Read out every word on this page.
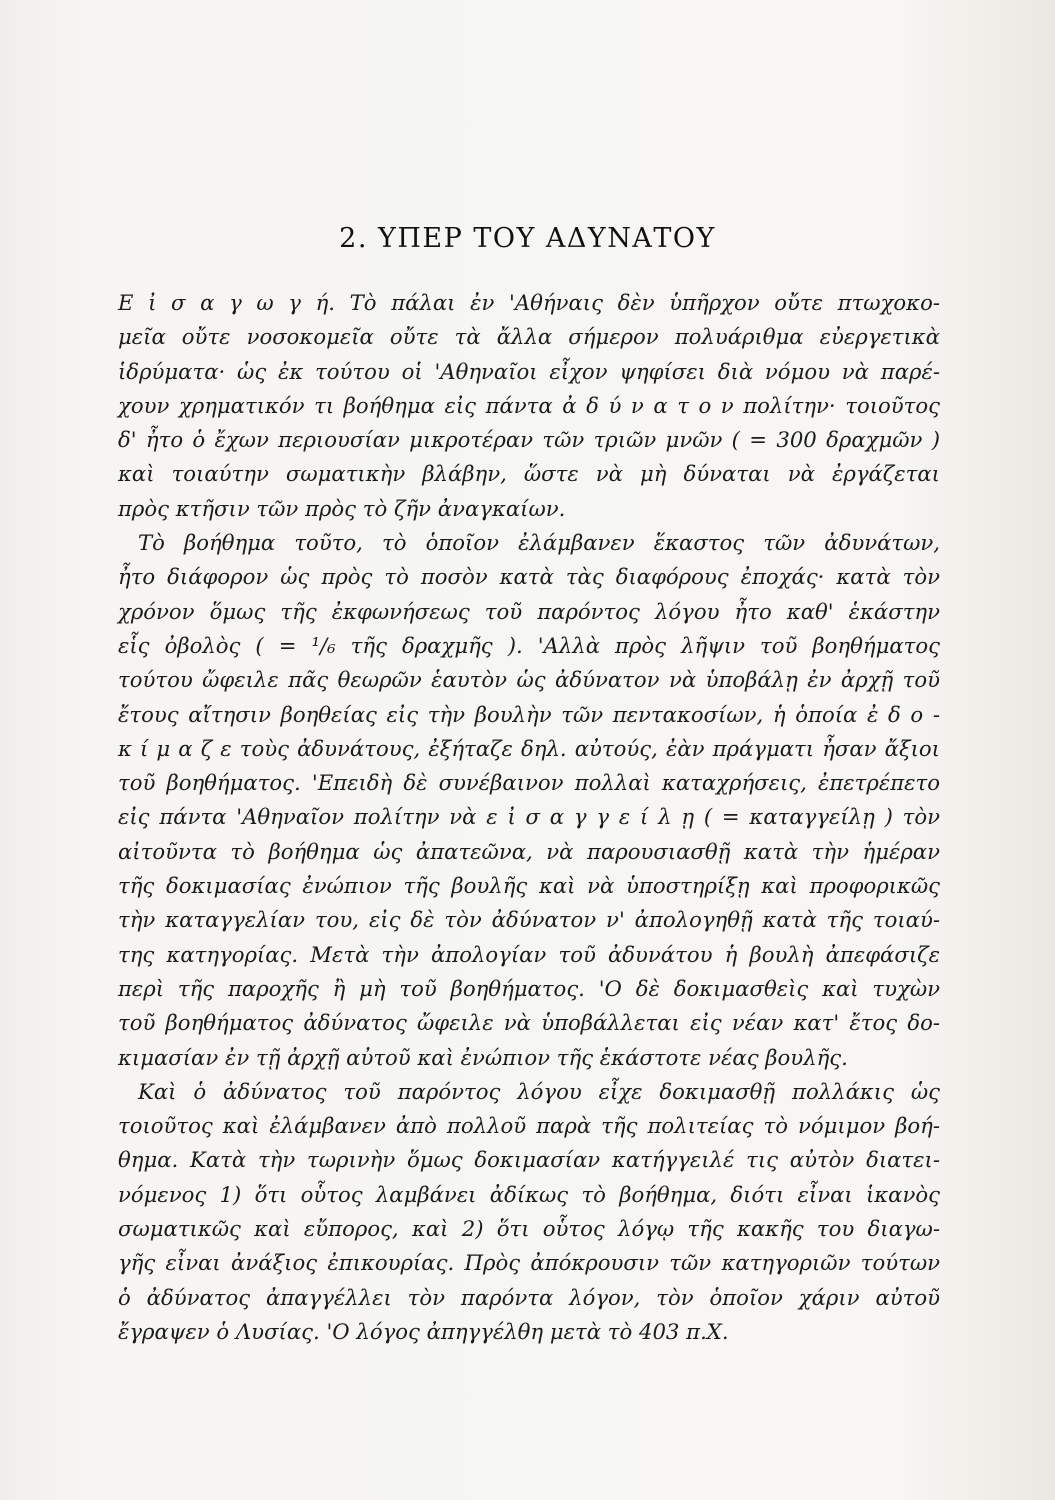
2. ΥΠΕΡ ΤΟΥ ΑΔΥΝΑΤΟΥ
Ε ἰ σ α γ ω γ ή. Τὸ πάλαι ἐν 'Αθήναις δὲν ὑπῆρχον οὔτε πτωχοκο-
μεῖα οὔτε νοσοκομεῖα οὔτε τὰ ἄλλα σήμερον πολυάριθμα εὐεργετικὰ
ἱδρύματα· ὡς ἐκ τούτου οἱ 'Αθηναῖοι εἶχον ψηφίσει διὰ νόμου νὰ παρέ-
χουν χρηματικόν τι βοήθημα εἰς πάντα ἀ δ ύ ν α τ ο ν πολίτην· τοιοῦτος
δ' ἦτο ὁ ἔχων περιουσίαν μικροτέραν τῶν τριῶν μνῶν ( = 300 δραχμῶν )
καὶ τοιαύτην σωματικὴν βλάβην, ὥστε νὰ μὴ δύναται νὰ ἐργάζεται
πρὸς κτῆσιν τῶν πρὸς τὸ ζῆν ἀναγκαίων.
Τὸ βοήθημα τοῦτο, τὸ ὁποῖον ἐλάμβανεν ἕκαστος τῶν ἀδυνάτων,
ἦτο διάφορον ὡς πρὸς τὸ ποσὸν κατὰ τὰς διαφόρους ἐποχάς· κατὰ τὸν
χρόνον ὅμως τῆς ἐκφωνήσεως τοῦ παρόντος λόγου ἦτο καθ' ἑκάστην
εἷς ὀβολὸς ( = ¹/₆ τῆς δραχμῆς ). 'Αλλὰ πρὸς λῆψιν τοῦ βοηθήματος
τούτου ὤφειλε πᾶς θεωρῶν ἑαυτὸν ὡς ἀδύνατον νὰ ὑποβάλῃ ἐν ἀρχῇ τοῦ
ἔτους αἴτησιν βοηθείας εἰς τὴν βουλὴν τῶν πεντακοσίων, ἡ ὁποία ἐ δ ο -
κ ί μ α ζ ε τοὺς ἀδυνάτους, ἐξήταζε δηλ. αὐτούς, ἐὰν πράγματι ἦσαν ἄξιοι
τοῦ βοηθήματος. 'Επειδὴ δὲ συνέβαινον πολλαὶ καταχρήσεις, ἐπετρέπετο
εἰς πάντα 'Αθηναῖον πολίτην νὰ ε ἰ σ α γ γ ε ί λ ῃ ( = καταγγείλῃ ) τὸν
αἰτοῦντα τὸ βοήθημα ὡς ἀπατεῶνα, νὰ παρουσιασθῇ κατὰ τὴν ἡμέραν
τῆς δοκιμασίας ἐνώπιον τῆς βουλῆς καὶ νὰ ὑποστηρίξῃ καὶ προφορικῶς
τὴν καταγγελίαν του, εἰς δὲ τὸν ἀδύνατον ν' ἀπολογηθῇ κατὰ τῆς τοιαύ-
της κατηγορίας. Μετὰ τὴν ἀπολογίαν τοῦ ἀδυνάτου ἡ βουλὴ ἀπεφάσιζε
περὶ τῆς παροχῆς ἢ μὴ τοῦ βοηθήματος. 'Ο δὲ δοκιμασθεὶς καὶ τυχὼν
τοῦ βοηθήματος ἀδύνατος ὤφειλε νὰ ὑποβάλλεται εἰς νέαν κατ' ἔτος δο-
κιμασίαν ἐν τῇ ἀρχῇ αὐτοῦ καὶ ἐνώπιον τῆς ἑκάστοτε νέας βουλῆς.
Καὶ ὁ ἀδύνατος τοῦ παρόντος λόγου εἶχε δοκιμασθῇ πολλάκις ὡς
τοιοῦτος καὶ ἐλάμβανεν ἀπὸ πολλοῦ παρὰ τῆς πολιτείας τὸ νόμιμον βοή-
θημα. Κατὰ τὴν τωρινὴν ὅμως δοκιμασίαν κατήγγειλέ τις αὐτὸν διατει-
νόμενος 1) ὅτι οὗτος λαμβάνει ἀδίκως τὸ βοήθημα, διότι εἶναι ἱκανὸς
σωματικῶς καὶ εὔπορος, καὶ 2) ὅτι οὗτος λόγῳ τῆς κακῆς του διαγω-
γῆς εἶναι ἀνάξιος ἐπικουρίας. Πρὸς ἀπόκρουσιν τῶν κατηγοριῶν τούτων
ὁ ἀδύνατος ἀπαγγέλλει τὸν παρόντα λόγον, τὸν ὁποῖον χάριν αὐτοῦ
ἔγραψεν ὁ Λυσίας. 'Ο λόγος ἀπηγγέλθη μετὰ τὸ 403 π.Χ.
